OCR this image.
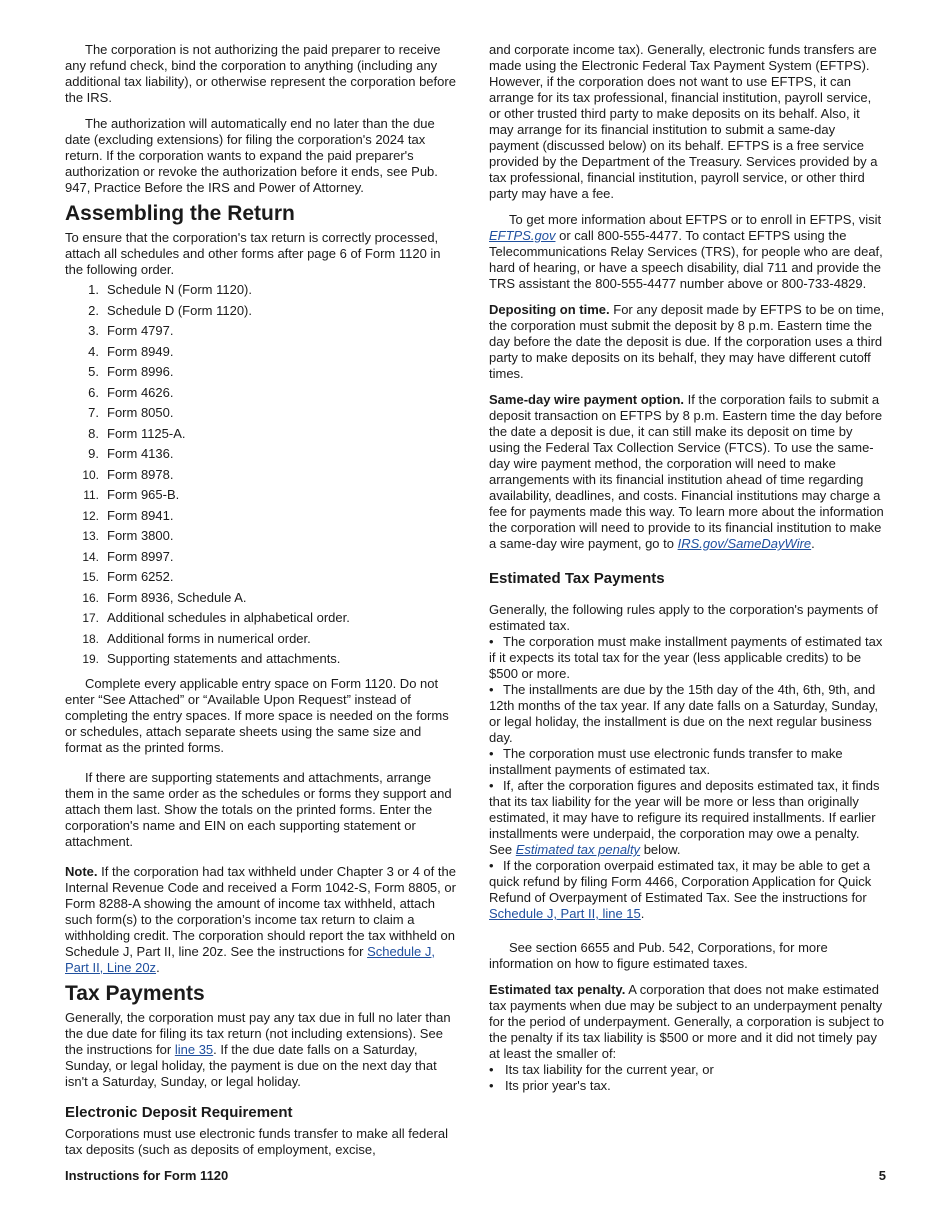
The corporation is not authorizing the paid preparer to receive any refund check, bind the corporation to anything (including any additional tax liability), or otherwise represent the corporation before the IRS.

The authorization will automatically end no later than the due date (excluding extensions) for filing the corporation's 2024 tax return. If the corporation wants to expand the paid preparer's authorization or revoke the authorization before it ends, see Pub. 947, Practice Before the IRS and Power of Attorney.

Assembling the Return

To ensure that the corporation's tax return is correctly processed, attach all schedules and other forms after page 6 of Form 1120 in the following order.

1. Schedule N (Form 1120).
2. Schedule D (Form 1120).
3. Form 4797.
4. Form 8949.
5. Form 8996.
6. Form 4626.
7. Form 8050.
8. Form 1125-A.
9. Form 4136.
10. Form 8978.
11. Form 965-B.
12. Form 8941.
13. Form 3800.
14. Form 8997.
15. Form 6252.
16. Form 8936, Schedule A.
17. Additional schedules in alphabetical order.
18. Additional forms in numerical order.
19. Supporting statements and attachments.

Complete every applicable entry space on Form 1120. Do not enter “See Attached” or “Available Upon Request” instead of completing the entry spaces. If more space is needed on the forms or schedules, attach separate sheets using the same size and format as the printed forms.

If there are supporting statements and attachments, arrange them in the same order as the schedules or forms they support and attach them last. Show the totals on the printed forms. Enter the corporation's name and EIN on each supporting statement or attachment.

Note. If the corporation had tax withheld under Chapter 3 or 4 of the Internal Revenue Code and received a Form 1042-S, Form 8805, or Form 8288-A showing the amount of income tax withheld, attach such form(s) to the corporation’s income tax return to claim a withholding credit. The corporation should report the tax withheld on Schedule J, Part II, line 20z. See the instructions for Schedule J, Part II, Line 20z.

Tax Payments

Generally, the corporation must pay any tax due in full no later than the due date for filing its tax return (not including extensions). See the instructions for line 35. If the due date falls on a Saturday, Sunday, or legal holiday, the payment is due on the next day that isn't a Saturday, Sunday, or legal holiday.

Electronic Deposit Requirement

Corporations must use electronic funds transfer to make all federal tax deposits (such as deposits of employment, excise,

and corporate income tax). Generally, electronic funds transfers are made using the Electronic Federal Tax Payment System (EFTPS). However, if the corporation does not want to use EFTPS, it can arrange for its tax professional, financial institution, payroll service, or other trusted third party to make deposits on its behalf. Also, it may arrange for its financial institution to submit a same-day payment (discussed below) on its behalf. EFTPS is a free service provided by the Department of the Treasury. Services provided by a tax professional, financial institution, payroll service, or other third party may have a fee.

To get more information about EFTPS or to enroll in EFTPS, visit EFTPS.gov or call 800-555-4477. To contact EFTPS using the Telecommunications Relay Services (TRS), for people who are deaf, hard of hearing, or have a speech disability, dial 711 and provide the TRS assistant the 800-555-4477 number above or 800-733-4829.

Depositing on time. For any deposit made by EFTPS to be on time, the corporation must submit the deposit by 8 p.m. Eastern time the day before the date the deposit is due. If the corporation uses a third party to make deposits on its behalf, they may have different cutoff times.

Same-day wire payment option. If the corporation fails to submit a deposit transaction on EFTPS by 8 p.m. Eastern time the day before the date a deposit is due, it can still make its deposit on time by using the Federal Tax Collection Service (FTCS). To use the same-day wire payment method, the corporation will need to make arrangements with its financial institution ahead of time regarding availability, deadlines, and costs. Financial institutions may charge a fee for payments made this way. To learn more about the information the corporation will need to provide to its financial institution to make a same-day wire payment, go to IRS.gov/SameDayWire.

Estimated Tax Payments

Generally, the following rules apply to the corporation's payments of estimated tax.

• The corporation must make installment payments of estimated tax if it expects its total tax for the year (less applicable credits) to be $500 or more.

• The installments are due by the 15th day of the 4th, 6th, 9th, and 12th months of the tax year. If any date falls on a Saturday, Sunday, or legal holiday, the installment is due on the next regular business day.

• The corporation must use electronic funds transfer to make installment payments of estimated tax.

• If, after the corporation figures and deposits estimated tax, it finds that its tax liability for the year will be more or less than originally estimated, it may have to refigure its required installments. If earlier installments were underpaid, the corporation may owe a penalty. See Estimated tax penalty below.

• If the corporation overpaid estimated tax, it may be able to get a quick refund by filing Form 4466, Corporation Application for Quick Refund of Overpayment of Estimated Tax. See the instructions for Schedule J, Part II, line 15.

See section 6655 and Pub. 542, Corporations, for more information on how to figure estimated taxes.

Estimated tax penalty. A corporation that does not make estimated tax payments when due may be subject to an underpayment penalty for the period of underpayment. Generally, a corporation is subject to the penalty if its tax liability is $500 or more and it did not timely pay at least the smaller of:

• Its tax liability for the current year, or
• Its prior year's tax.
Instructions for Form 1120	5
